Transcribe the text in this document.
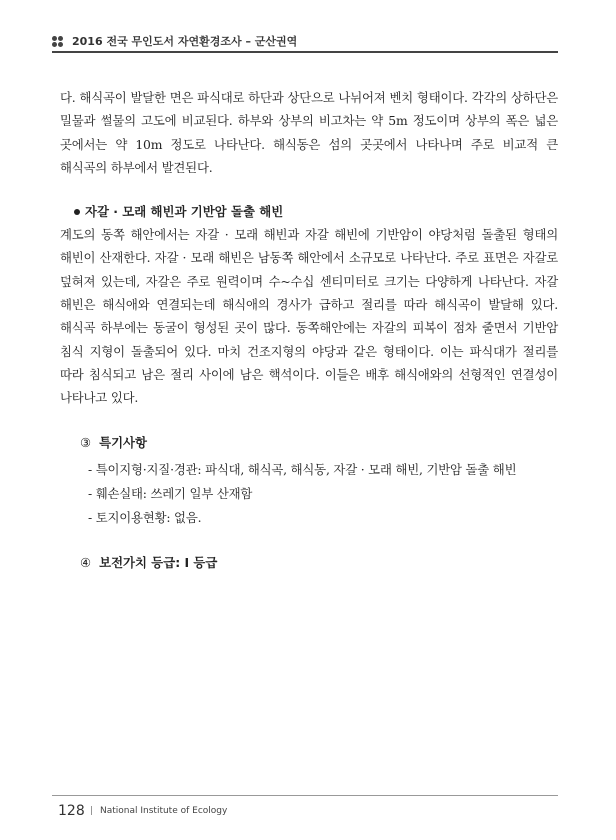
2016 전국 무인도서 자연환경조사 – 군산권역

다. 해식곡이 발달한 면은 파식대로 하단과 상단으로 나뉘어져 벤치 형태이다. 각각의 상하단은 밀물과 썰물의 고도에 비교된다. 하부와 상부의 비고차는 약 5m 정도이며 상부의 폭은 넓은 곳에서는 약 10m 정도로 나타난다. 해식동은 섬의 곳곳에서 나타나며 주로 비교적 큰 해식곡의 하부에서 발견된다.

자갈 · 모래 해빈과 기반암 돌출 해빈

계도의 동쪽 해안에서는 자갈 · 모래 해빈과 자갈 해빈에 기반암이 야당처럼 돌출된 형태의 해빈이 산재한다. 자갈 · 모래 해빈은 남동쪽 해안에서 소규모로 나타난다. 주로 표면은 자갈로 덮혀져 있는데, 자갈은 주로 원력이며 수~수십 센티미터로 크기는 다양하게 나타난다. 자갈 해빈은 해식애와 연결되는데 해식애의 경사가 급하고 절리를 따라 해식곡이 발달해 있다. 해식곡 하부에는 동굴이 형성된 곳이 많다. 동쪽해안에는 자갈의 피복이 점차 줄면서 기반암 침식 지형이 돌출되어 있다. 마치 건조지형의 야당과 같은 형태이다. 이는 파식대가 절리를 따라 침식되고 남은 절리 사이에 남은 핵석이다. 이들은 배후 해식애와의 선형적인 연결성이 나타나고 있다.

③ 특기사항
- 특이지형·지질·경관: 파식대, 해식곡, 해식동, 자갈 · 모래 해빈, 기반암 돌출 해빈
- 훼손실태: 쓰레기 일부 산재함
- 토지이용현황: 없음.
④ 보전가치 등급: Ⅰ 등급
128 | National Institute of Ecology
